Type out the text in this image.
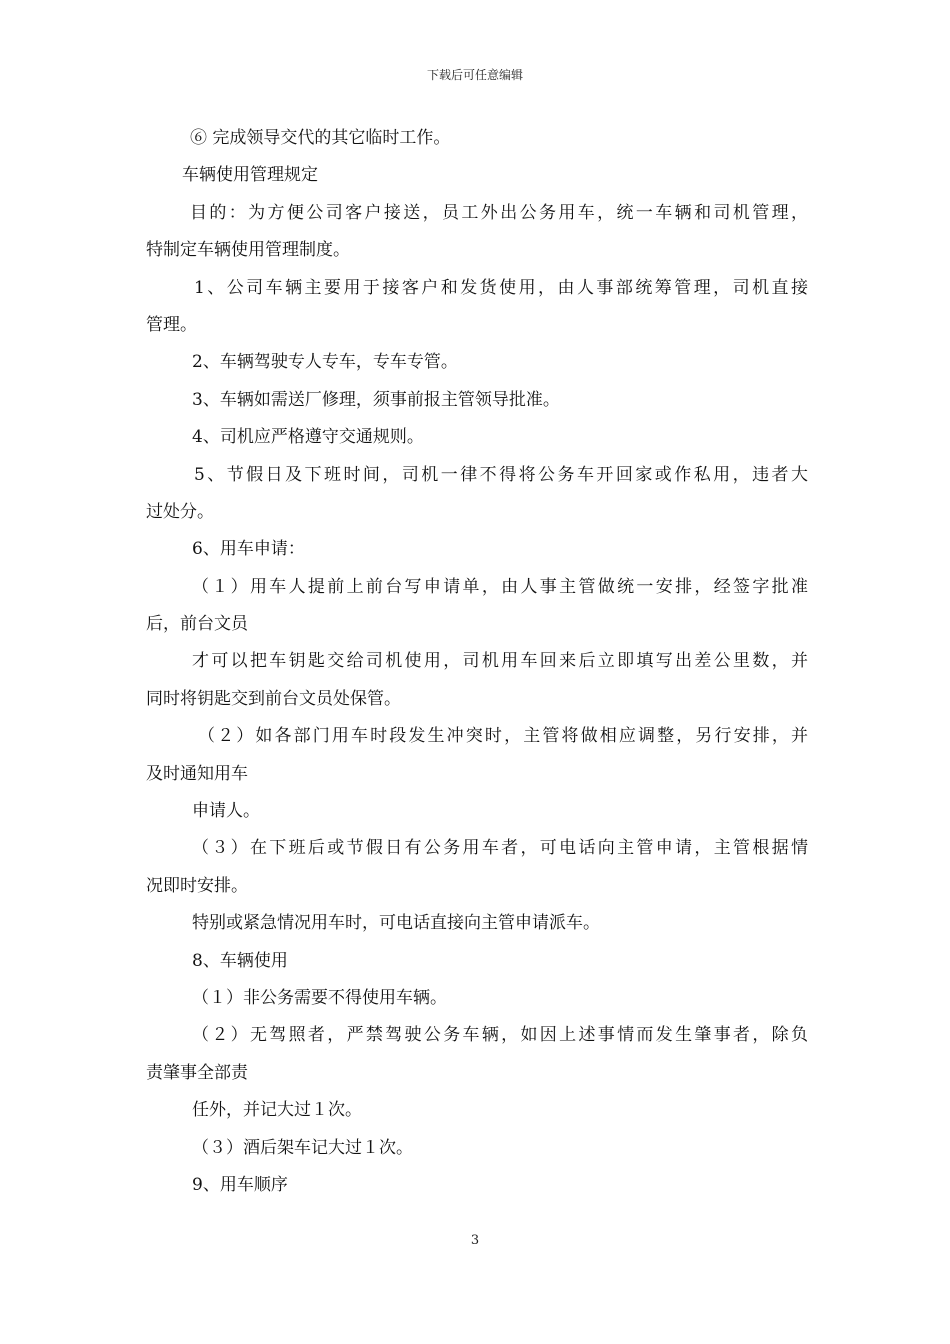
下载后可任意编辑
⑥ 完成领导交代的其它临时工作。
车辆使用管理规定
目的：为方便公司客户接送，员工外出公务用车，统一车辆和司机管理，
特制定车辆使用管理制度。
1、公司车辆主要用于接客户和发货使用，由人事部统筹管理，司机直接
管理。
2、车辆驾驶专人专车，专车专管。
3、车辆如需送厂修理，须事前报主管领导批准。
4、司机应严格遵守交通规则。
5、节假日及下班时间，司机一律不得将公务车开回家或作私用，违者大
过处分。
6、用车申请：
（１）用车人提前上前台写申请单，由人事主管做统一安排，经签字批准
后，前台文员
才可以把车钥匙交给司机使用，司机用车回来后立即填写出差公里数，并
同时将钥匙交到前台文员处保管。
（２）如各部门用车时段发生冲突时，主管将做相应调整，另行安排，并
及时通知用车
申请人。
（３）在下班后或节假日有公务用车者，可电话向主管申请，主管根据情
况即时安排。
特别或紧急情况用车时，可电话直接向主管申请派车。
8、车辆使用
（１）非公务需要不得使用车辆。
（２）无驾照者，严禁驾驶公务车辆，如因上述事情而发生肇事者，除负
责肇事全部责
任外，并记大过１次。
（３）酒后架车记大过１次。
9、用车顺序
3
